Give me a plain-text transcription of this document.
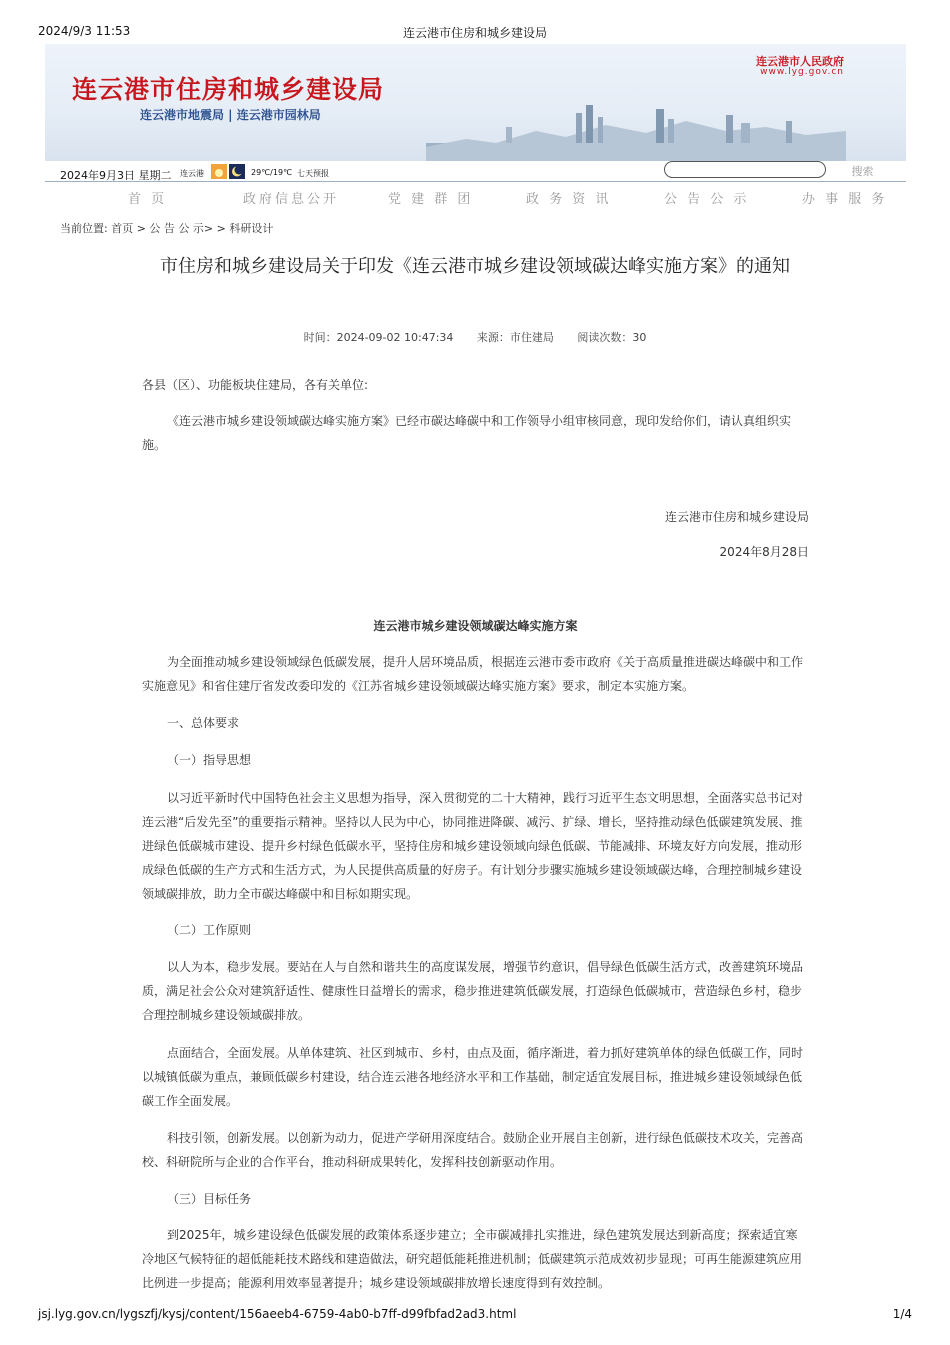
2024/9/3 11:53	连云港市住房和城乡建设局
连云港市住房和城乡建设局
连云港市地震局 | 连云港市园林局
连云港市人民政府
www.lyg.gov.cn
2024年9月3日 星期二 连云港	29℃/19℃ 七天预报	搜索
首 页	政府信息公开	党 建 群 团	政 务 资 讯	公 告 公 示	办 事 服 务
当前位置: 首页 > 公 告 公 示> > 科研设计
市住房和城乡建设局关于印发《连云港市城乡建设领域碳达峰实施方案》的通知
时间：2024-09-02 10:47:34 来源：市住建局 阅读次数：30

各县（区）、功能板块住建局，各有关单位:

《连云港市城乡建设领域碳达峰实施方案》已经市碳达峰碳中和工作领导小组审核同意，现印发给你们，请认真组织实施。

连云港市住房和城乡建设局

2024年8月28日

连云港市城乡建设领域碳达峰实施方案

为全面推动城乡建设领域绿色低碳发展，提升人居环境品质，根据连云港市委市政府《关于高质量推进碳达峰碳中和工作实施意见》和省住建厅省发改委印发的《江苏省城乡建设领域碳达峰实施方案》要求，制定本实施方案。

一、总体要求

（一）指导思想

以习近平新时代中国特色社会主义思想为指导，深入贯彻党的二十大精神，践行习近平生态文明思想，全面落实总书记对连云港“后发先至”的重要指示精神。坚持以人民为中心，协同推进降碳、减污、扩绿、增长，坚持推动绿色低碳建筑发展、推进绿色低碳城市建设、提升乡村绿色低碳水平，坚持住房和城乡建设领域向绿色低碳、节能减排、环境友好方向发展，推动形成绿色低碳的生产方式和生活方式，为人民提供高质量的好房子。有计划分步骤实施城乡建设领域碳达峰，合理控制城乡建设领域碳排放，助力全市碳达峰碳中和目标如期实现。

（二）工作原则

以人为本，稳步发展。要站在人与自然和谐共生的高度谋发展，增强节约意识，倡导绿色低碳生活方式，改善建筑环境品质，满足社会公众对建筑舒适性、健康性日益增长的需求，稳步推进建筑低碳发展，打造绿色低碳城市，营造绿色乡村，稳步合理控制城乡建设领域碳排放。

点面结合，全面发展。从单体建筑、社区到城市、乡村，由点及面，循序渐进，着力抓好建筑单体的绿色低碳工作，同时以城镇低碳为重点，兼顾低碳乡村建设，结合连云港各地经济水平和工作基础，制定适宜发展目标，推进城乡建设领域绿色低碳工作全面发展。

科技引领，创新发展。以创新为动力，促进产学研用深度结合。鼓励企业开展自主创新，进行绿色低碳技术攻关，完善高校、科研院所与企业的合作平台，推动科研成果转化，发挥科技创新驱动作用。

（三）目标任务

到2025年，城乡建设绿色低碳发展的政策体系逐步建立；全市碳减排扎实推进，绿色建筑发展达到新高度；探索适宜寒冷地区气候特征的超低能耗技术路线和建造做法，研究超低能耗推进机制；低碳建筑示范成效初步显现；可再生能源建筑应用比例进一步提高；能源利用效率显著提升；城乡建设领域碳排放增长速度得到有效控制。

jsj.lyg.gov.cn/lygszfj/kysj/content/156aeeb4-6759-4ab0-b7ff-d99fbfad2ad3.html	1/4
